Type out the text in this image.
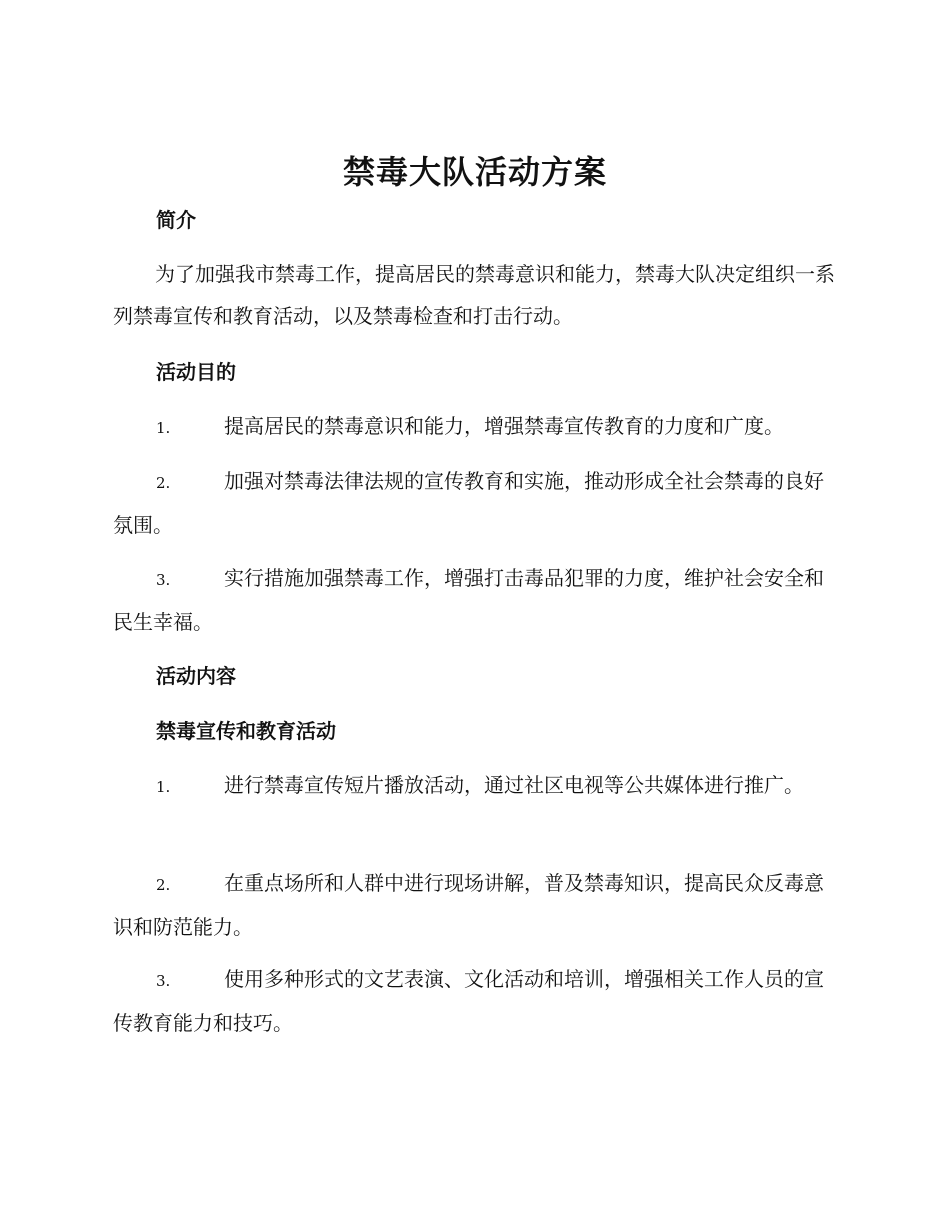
禁毒大队活动方案
简介
为了加强我市禁毒工作，提高居民的禁毒意识和能力，禁毒大队决定组织一系列禁毒宣传和教育活动，以及禁毒检查和打击行动。
活动目的
1.	提高居民的禁毒意识和能力，增强禁毒宣传教育的力度和广度。
2.	加强对禁毒法律法规的宣传教育和实施，推动形成全社会禁毒的良好氛围。
3.	实行措施加强禁毒工作，增强打击毒品犯罪的力度，维护社会安全和民生幸福。
活动内容
禁毒宣传和教育活动
1.	进行禁毒宣传短片播放活动，通过社区电视等公共媒体进行推广。
2.	在重点场所和人群中进行现场讲解，普及禁毒知识，提高民众反毒意识和防范能力。
3.	使用多种形式的文艺表演、文化活动和培训，增强相关工作人员的宣传教育能力和技巧。
